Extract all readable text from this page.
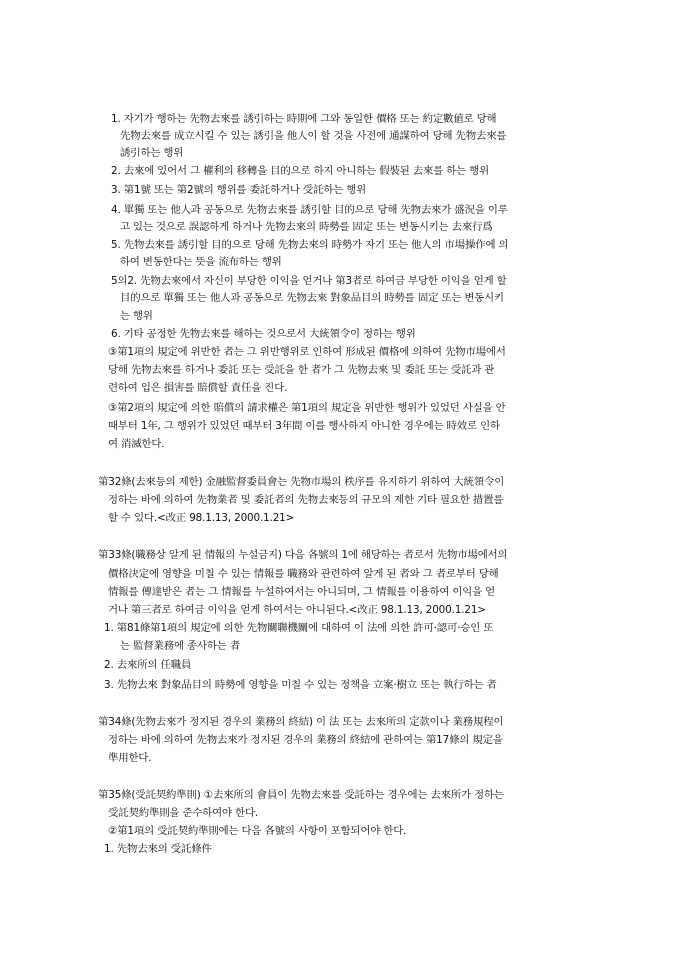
1. 자기가 행하는 先物去來를 誘引하는 時期에 그와 동일한 價格 또는 約定數値로 당해
先物去來를 成立시킬 수 있는 誘引을 他人이 할 것을 사전에 通謀하여 당해 先物去來를
誘引하는 행위
2. 去來에 있어서 그 權利의 移轉을 目的으로 하지 아니하는 假裝된 去來를 하는 행위
3. 第1號 또는 第2號의 행위를 委託하거나 受託하는 행위
4. 單獨 또는 他人과 공동으로 先物去來를 誘引할 目的으로 당해 先物去來가 盛況을 이루
고 있는 것으로 誤認하게 하거나 先物去來의 時勢를 固定 또는 변동시키는 去來行爲
5. 先物去來를 誘引할 目的으로 당해 先物去來의 時勢가 자기 또는 他人의 市場操作에 의
하여 변동한다는 뜻을 流布하는 행위
5의2. 先物去來에서 자신이 부당한 이익을 얻거나 第3者로 하여금 부당한 이익을 얻게 할
目的으로 單獨 또는 他人과 공동으로 先物去來 對象品目의 時勢를 固定 또는 변동시키
는 행위
6. 기타 공정한 先物去來를 해하는 것으로서 大統領令이 정하는 행위
③第1項의 規定에 위반한 者는 그 위반행위로 인하여 形成된 價格에 의하여 先物市場에서
당해 先物去來를 하거나 委託 또는 受託을 한 者가 그 先物去來 및 委託 또는 受託과 관
련하여 입은 損害를 賠償할 責任을 진다.
③第2項의 規定에 의한 賠償의 請求權은 第1項의 規定을 위반한 행위가 있었던 사실을 안
때부터 1年, 그 행위가 있었던 때부터 3年間 이를 행사하지 아니한 경우에는 時效로 인하
여 消滅한다.
第32條(去來등의 제한) 金融監督委員會는 先物市場의 秩序를 유지하기 위하여 大統領令이
정하는 바에 의하여 先物業者 및 委託者의 先物去來등의 규모의 제한 기타 필요한 措置를
할 수 있다.<改正 98.1.13, 2000.1.21>
第33條(職務상 알게 된 情報의 누설금지) 다음 各號의 1에 해당하는 者로서 先物市場에서의
價格決定에 영향을 미칠 수 있는 情報를 職務와 관련하여 알게 된 者와 그 者로부터 당해
情報를 傳達받은 者는 그 情報를 누설하여서는 아니되며, 그 情報를 이용하여 이익을 얻
거나 第三者로 하여금 이익을 얻게 하여서는 아니된다.<改正 98.1.13, 2000.1.21>
1. 第81條第1項의 規定에 의한 先物關聯機關에 대하여 이 法에 의한 許可·認可·승인 또
는 監督業務에 종사하는 者
2. 去來所의 任職員
3. 先物去來 對象品目의 時勢에 영향을 미칠 수 있는 정책을 立案·樹立 또는 執行하는 者
第34條(先物去來가 정지된 경우의 業務의 終結) 이 法 또는 去來所의 定款이나 業務規程이
정하는 바에 의하여 先物去來가 정지된 경우의 業務의 終結에 관하여는 第17條의 規定을
準用한다.
第35條(受託契約準則) ①去來所의 會員이 先物去來를 受託하는 경우에는 去來所가 정하는
受託契約準則을 준수하여야 한다.
②第1項의 受託契約準則에는 다음 各號의 사항이 포함되어야 한다.
1. 先物去來의 受託條件
